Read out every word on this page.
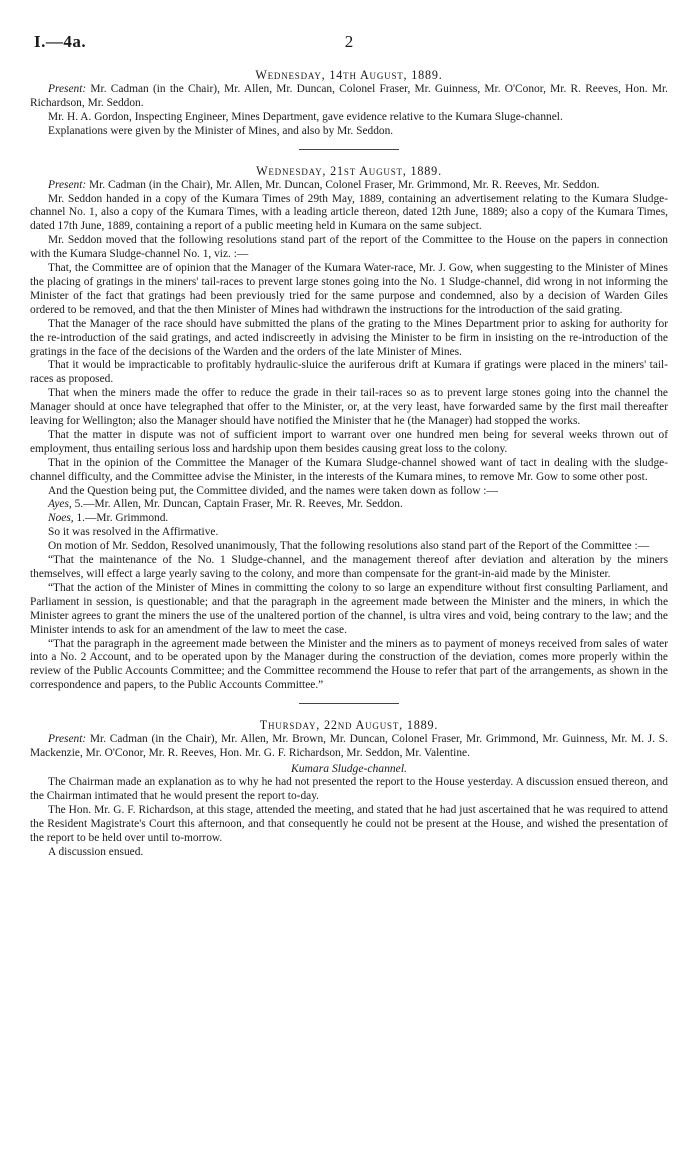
I.—4a.	2
Wednesday, 14th August, 1889.

Present: Mr. Cadman (in the Chair), Mr. Allen, Mr. Duncan, Colonel Fraser, Mr. Guinness, Mr. O'Conor, Mr. R. Reeves, Hon. Mr. Richardson, Mr. Seddon.

Mr. H. A. Gordon, Inspecting Engineer, Mines Department, gave evidence relative to the Kumara Sluge-channel.

Explanations were given by the Minister of Mines, and also by Mr. Seddon.

Wednesday, 21st August, 1889.

Present: Mr. Cadman (in the Chair), Mr. Allen, Mr. Duncan, Colonel Fraser, Mr. Grimmond, Mr. R. Reeves, Mr. Seddon.

Mr. Seddon handed in a copy of the Kumara Times of 29th May, 1889, containing an advertisement relating to the Kumara Sludge-channel No. 1, also a copy of the Kumara Times, with a leading article thereon, dated 12th June, 1889; also a copy of the Kumara Times, dated 17th June, 1889, containing a report of a public meeting held in Kumara on the same subject.

Mr. Seddon moved that the following resolutions stand part of the report of the Committee to the House on the papers in connection with the Kumara Sludge-channel No. 1, viz. :—

That, the Committee are of opinion that the Manager of the Kumara Water-race, Mr. J. Gow, when suggesting to the Minister of Mines the placing of gratings in the miners' tail-races to prevent large stones going into the No. 1 Sludge-channel, did wrong in not informing the Minister of the fact that gratings had been previously tried for the same purpose and condemned, also by a decision of Warden Giles ordered to be removed, and that the then Minister of Mines had withdrawn the instructions for the introduction of the said grating.

That the Manager of the race should have submitted the plans of the grating to the Mines Department prior to asking for authority for the re-introduction of the said gratings, and acted indiscreetly in advising the Minister to be firm in insisting on the re-introduction of the gratings in the face of the decisions of the Warden and the orders of the late Minister of Mines.

That it would be impracticable to profitably hydraulic-sluice the auriferous drift at Kumara if gratings were placed in the miners' tail-races as proposed.

That when the miners made the offer to reduce the grade in their tail-races so as to prevent large stones going into the channel the Manager should at once have telegraphed that offer to the Minister, or, at the very least, have forwarded same by the first mail thereafter leaving for Wellington; also the Manager should have notified the Minister that he (the Manager) had stopped the works.

That the matter in dispute was not of sufficient import to warrant over one hundred men being for several weeks thrown out of employment, thus entailing serious loss and hardship upon them besides causing great loss to the colony.

That in the opinion of the Committee the Manager of the Kumara Sludge-channel showed want of tact in dealing with the sludge-channel difficulty, and the Committee advise the Minister, in the interests of the Kumara mines, to remove Mr. Gow to some other post.

And the Question being put, the Committee divided, and the names were taken down as follow :—

Ayes, 5.—Mr. Allen, Mr. Duncan, Captain Fraser, Mr. R. Reeves, Mr. Seddon.

Noes, 1.—Mr. Grimmond.

So it was resolved in the Affirmative.

On motion of Mr. Seddon, Resolved unanimously, That the following resolutions also stand part of the Report of the Committee :—

“That the maintenance of the No. 1 Sludge-channel, and the management thereof after deviation and alteration by the miners themselves, will effect a large yearly saving to the colony, and more than compensate for the grant-in-aid made by the Minister.

“That the action of the Minister of Mines in committing the colony to so large an expenditure without first consulting Parliament, and Parliament in session, is questionable; and that the paragraph in the agreement made between the Minister and the miners, in which the Minister agrees to grant the miners the use of the unaltered portion of the channel, is ultra vires and void, being contrary to the law; and the Minister intends to ask for an amendment of the law to meet the case.

“That the paragraph in the agreement made between the Minister and the miners as to payment of moneys received from sales of water into a No. 2 Account, and to be operated upon by the Manager during the construction of the deviation, comes more properly within the review of the Public Accounts Committee; and the Committee recommend the House to refer that part of the arrangements, as shown in the correspondence and papers, to the Public Accounts Committee.”

Thursday, 22nd August, 1889.

Present: Mr. Cadman (in the Chair), Mr. Allen, Mr. Brown, Mr. Duncan, Colonel Fraser, Mr. Grimmond, Mr. Guinness, Mr. M. J. S. Mackenzie, Mr. O'Conor, Mr. R. Reeves, Hon. Mr. G. F. Richardson, Mr. Seddon, Mr. Valentine.

Kumara Sludge-channel.

The Chairman made an explanation as to why he had not presented the report to the House yesterday. A discussion ensued thereon, and the Chairman intimated that he would present the report to-day.

The Hon. Mr. G. F. Richardson, at this stage, attended the meeting, and stated that he had just ascertained that he was required to attend the Resident Magistrate's Court this afternoon, and that consequently he could not be present at the House, and wished the presentation of the report to be held over until to-morrow.

A discussion ensued.
